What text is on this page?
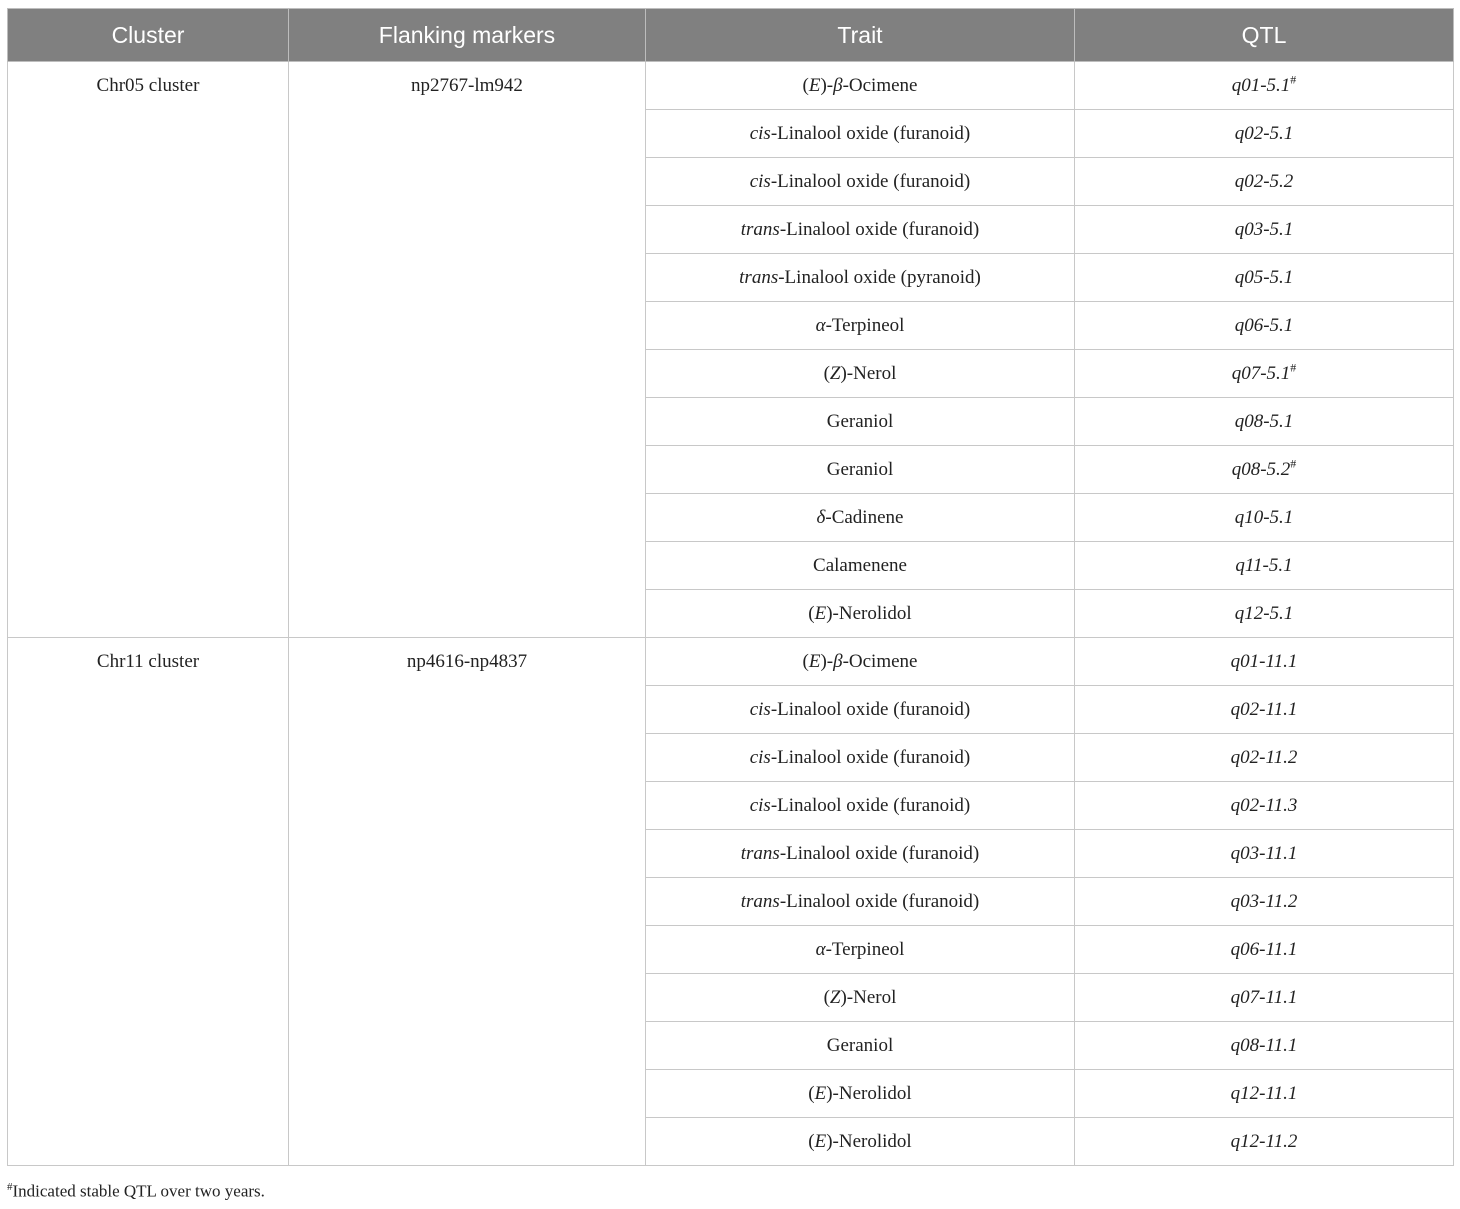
Cluster	Flanking markers	Trait	QTL
Chr05 cluster	np2767-lm942	(E)-β-Ocimene	q01-5.1#
		cis-Linalool oxide (furanoid)	q02-5.1
		cis-Linalool oxide (furanoid)	q02-5.2
		trans-Linalool oxide (furanoid)	q03-5.1
		trans-Linalool oxide (pyranoid)	q05-5.1
		α-Terpineol	q06-5.1
		(Z)-Nerol	q07-5.1#
		Geraniol	q08-5.1
		Geraniol	q08-5.2#
		δ-Cadinene	q10-5.1
		Calamenene	q11-5.1
		(E)-Nerolidol	q12-5.1
Chr11 cluster	np4616-np4837	(E)-β-Ocimene	q01-11.1
		cis-Linalool oxide (furanoid)	q02-11.1
		cis-Linalool oxide (furanoid)	q02-11.2
		cis-Linalool oxide (furanoid)	q02-11.3
		trans-Linalool oxide (furanoid)	q03-11.1
		trans-Linalool oxide (furanoid)	q03-11.2
		α-Terpineol	q06-11.1
		(Z)-Nerol	q07-11.1
		Geraniol	q08-11.1
		(E)-Nerolidol	q12-11.1
		(E)-Nerolidol	q12-11.2
#Indicated stable QTL over two years.
